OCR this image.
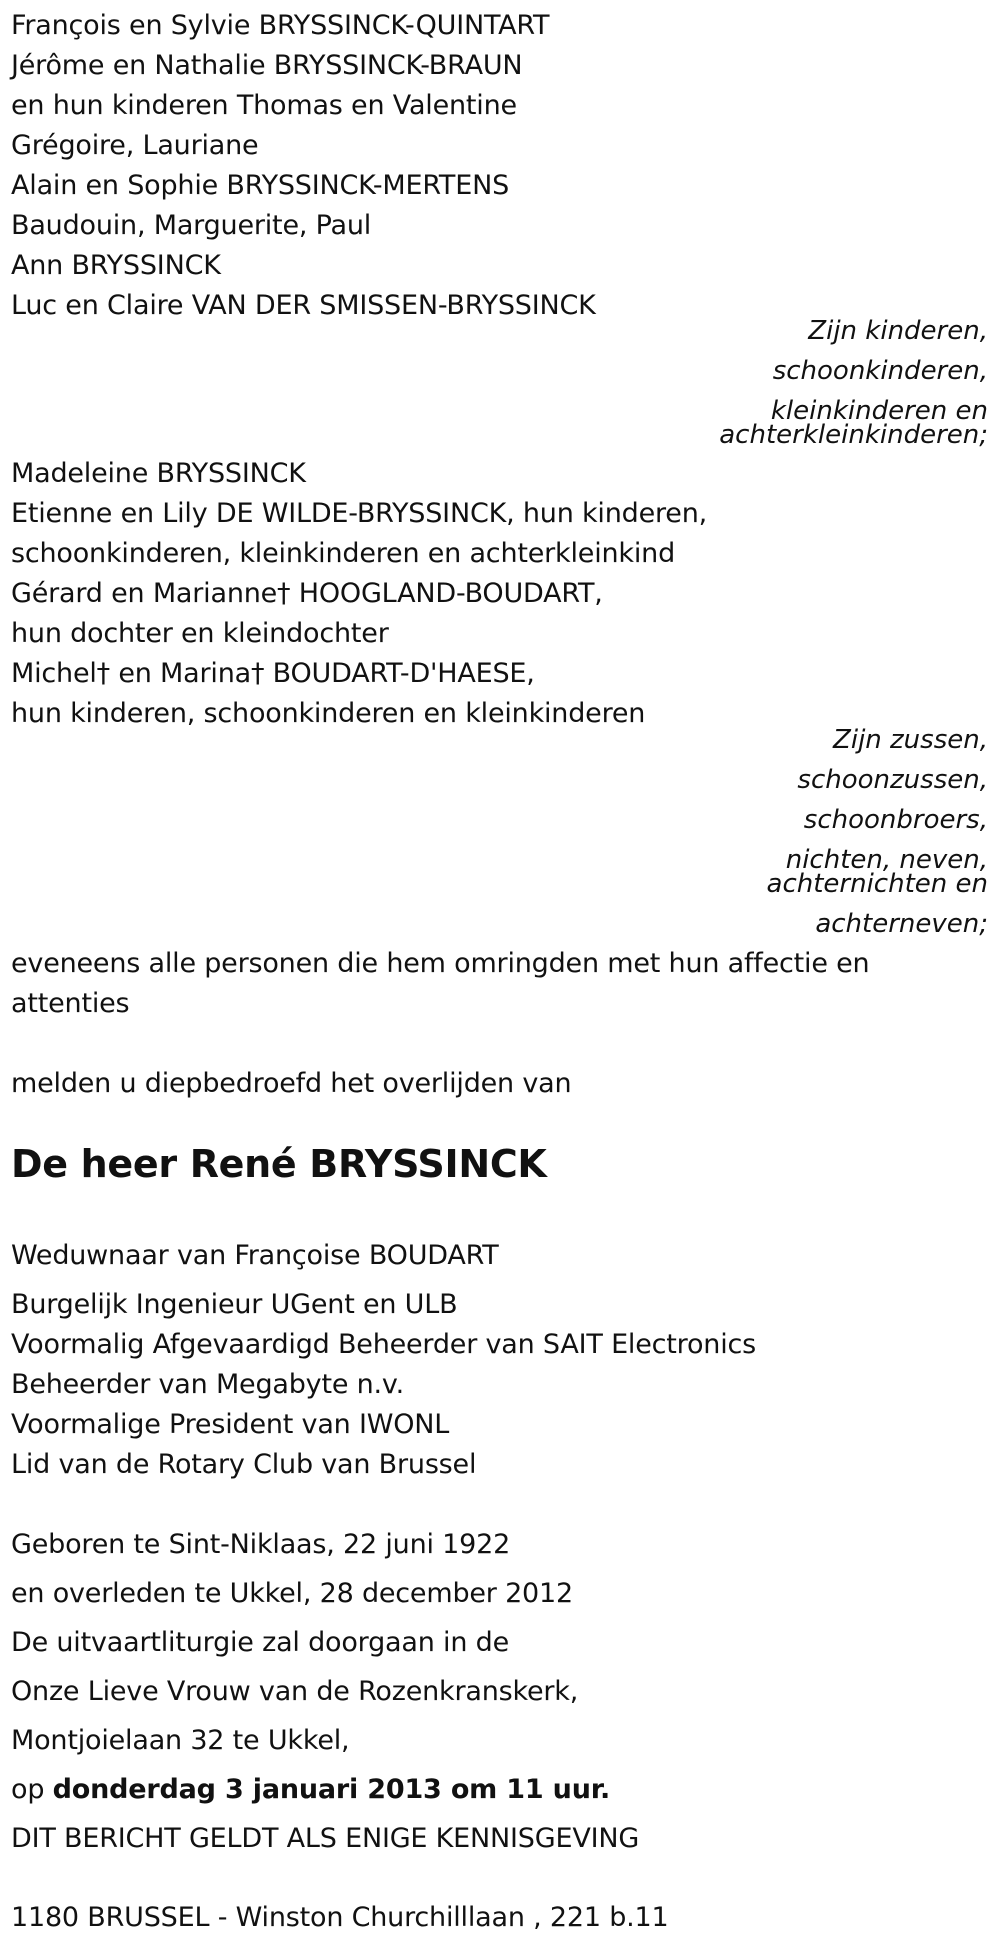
François en Sylvie BRYSSINCK-QUINTART
Jérôme en Nathalie BRYSSINCK-BRAUN
en hun kinderen Thomas en Valentine
Grégoire, Lauriane
Alain en Sophie BRYSSINCK-MERTENS
Baudouin, Marguerite, Paul
Ann BRYSSINCK
Luc en Claire VAN DER SMISSEN-BRYSSINCK
Zijn kinderen,
schoonkinderen,
kleinkinderen en
achterkleinkinderen;
Madeleine BRYSSINCK
Etienne en Lily DE WILDE-BRYSSINCK, hun kinderen,
schoonkinderen, kleinkinderen en achterkleinkind
Gérard en Marianne† HOOGLAND-BOUDART,
hun dochter en kleindochter
Michel† en Marina† BOUDART-D'HAESE,
hun kinderen, schoonkinderen en kleinkinderen
Zijn zussen,
schoonzussen,
schoonbroers,
nichten, neven,
achternichten en
achterneven;
eveneens alle personen die hem omringden met hun affectie en
attenties
melden u diepbedroefd het overlijden van
De heer René BRYSSINCK
Weduwnaar van Françoise BOUDART
Burgelijk Ingenieur UGent en ULB
Voormalig Afgevaardigd Beheerder van SAIT Electronics
Beheerder van Megabyte n.v.
Voormalige President van IWONL
Lid van de Rotary Club van Brussel
Geboren te Sint-Niklaas, 22 juni 1922
en overleden te Ukkel, 28 december 2012
De uitvaartliturgie zal doorgaan in de
Onze Lieve Vrouw van de Rozenkranskerk,
Montjoielaan 32 te Ukkel,
op donderdag 3 januari 2013 om 11 uur.
DIT BERICHT GELDT ALS ENIGE KENNISGEVING
1180 BRUSSEL - Winston Churchilllaan , 221 b.11
